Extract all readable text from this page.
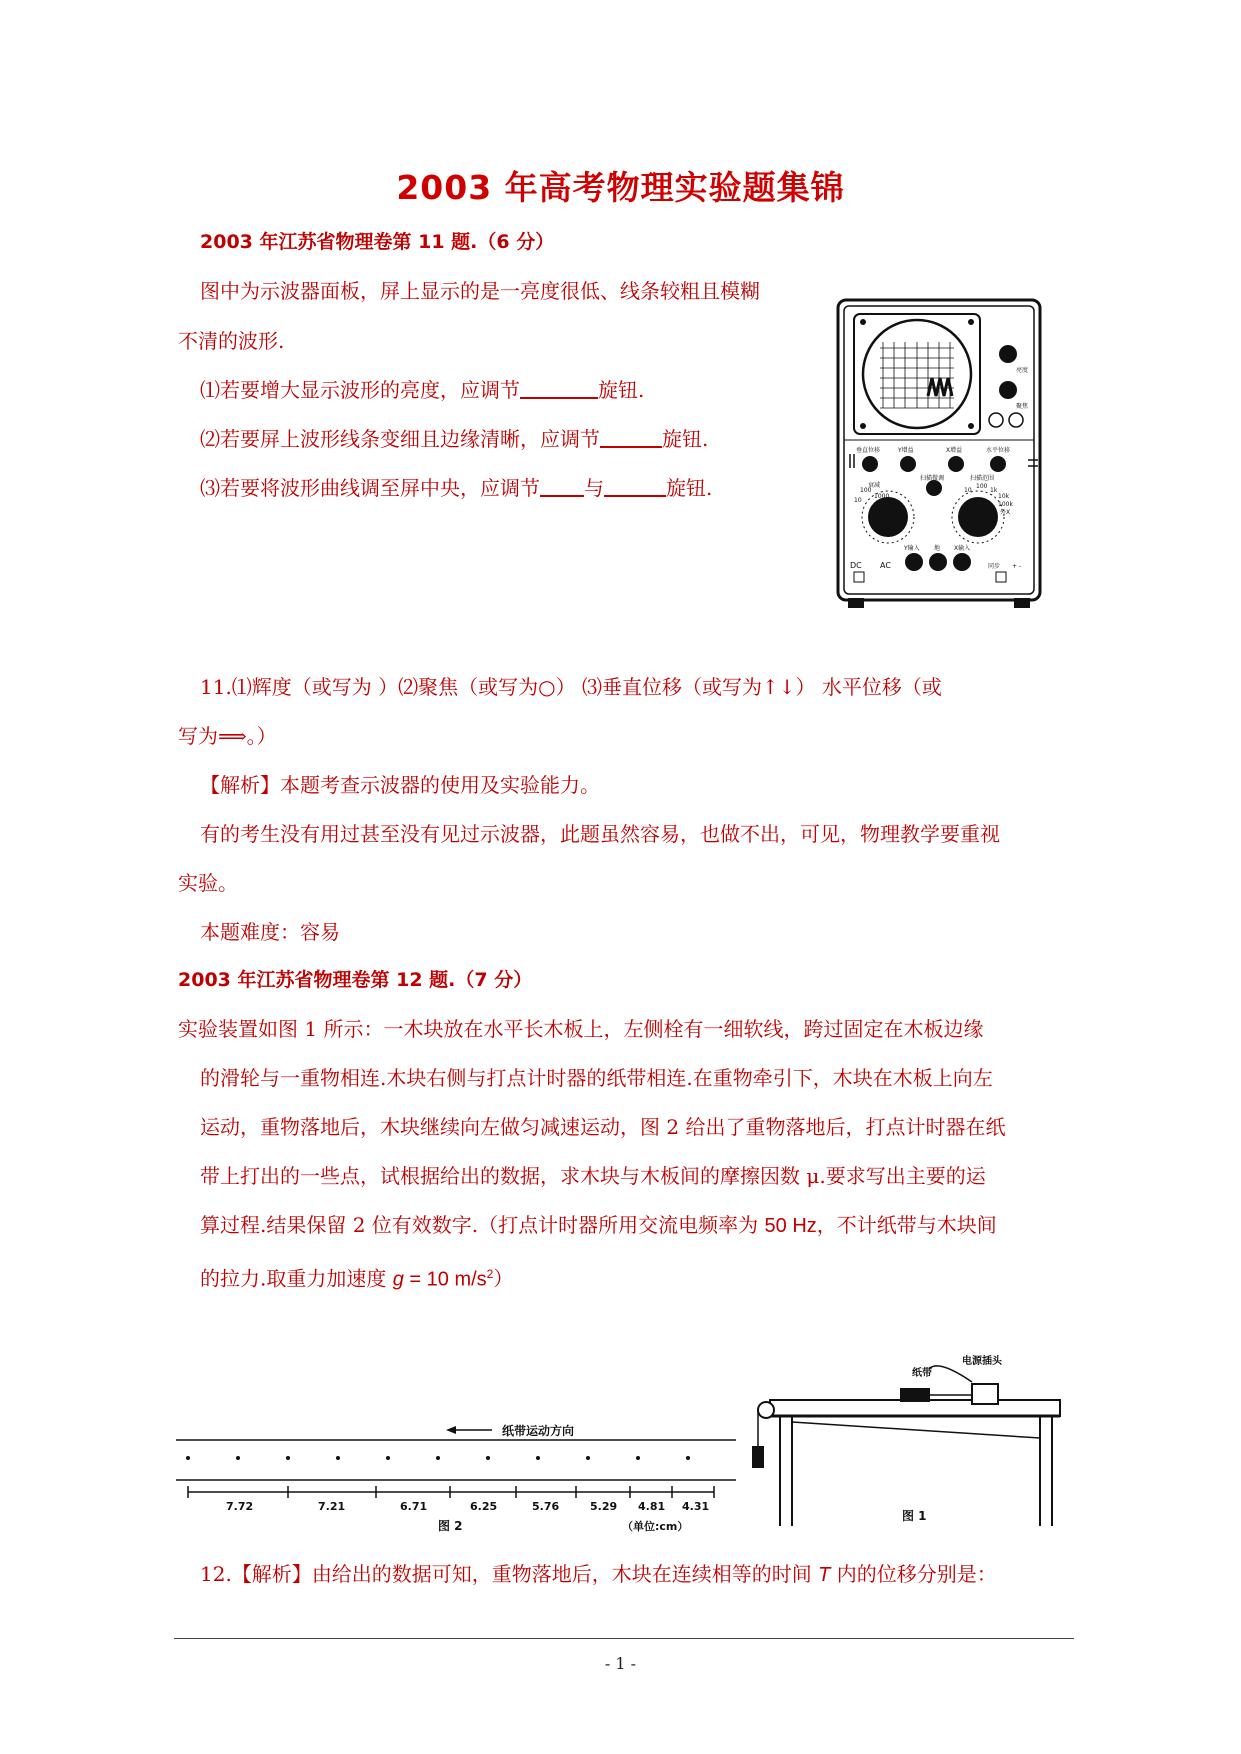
2003 年高考物理实验题集锦
2003 年江苏省物理卷第 11 题.（6 分）
图中为示波器面板，屏上显示的是一亮度很低、线条较粗且模糊
不清的波形.
⑴若要增大显示波形的亮度，应调节	旋钮.
⑵若要屏上波形线条变细且边缘清晰，应调节	旋钮.
⑶若要将波形曲线调至屏中央，应调节 与	旋钮.
亮度
聚焦
垂直位移	Y增益	X增益	水平位移
衰减
扫描微调	扫描范围
100
1000
10
10
100
1k
10k
100k
外X
Y输入 地 X输入
DC AC	同步 + -
11.⑴辉度（或写为 ）⑵聚焦（或写为○） ⑶垂直位移（或写为↑↓） 水平位移（或
写为⟹。）
【解析】本题考查示波器的使用及实验能力。
有的考生没有用过甚至没有见过示波器，此题虽然容易，也做不出，可见，物理教学要重视
实验。
本题难度：容易
2003 年江苏省物理卷第 12 题.（7 分）
实验装置如图 1 所示：一木块放在水平长木板上，左侧栓有一细软线，跨过固定在木板边缘
的滑轮与一重物相连.木块右侧与打点计时器的纸带相连.在重物牵引下，木块在木板上向左
运动，重物落地后，木块继续向左做匀减速运动，图 2 给出了重物落地后，打点计时器在纸
带上打出的一些点，试根据给出的数据，求木块与木板间的摩擦因数 μ.要求写出主要的运
算过程.结果保留 2 位有效数字.（打点计时器所用交流电频率为 50 Hz，不计纸带与木块间
的拉力.取重力加速度 g = 10 $m/s^2$）
纸带运动方向
7.72	7.21	6.71	6.25	5.76	5.29 4.81 4.31
图 2	（单位:cm）
电源插头
纸带
图 1
12.【解析】由给出的数据可知，重物落地后，木块在连续相等的时间 T 内的位移分别是：
- 1 -
